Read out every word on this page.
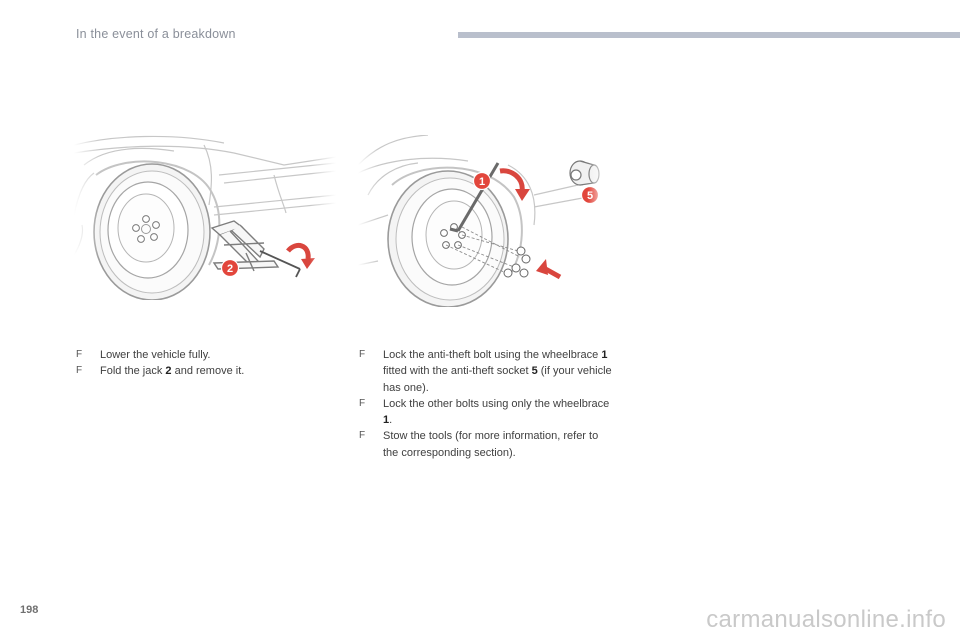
In the event of a breakdown
F	Lower the vehicle fully.
F	Fold the jack 2 and remove it.
F	Lock the anti-theft bolt using the wheelbrace 1 fitted with the anti-theft socket 5 (if your vehicle has one).
F	Lock the other bolts using only the wheelbrace 1.
F	Stow the tools (for more information, refer to the corresponding section).
198	carmanualsonline.info
